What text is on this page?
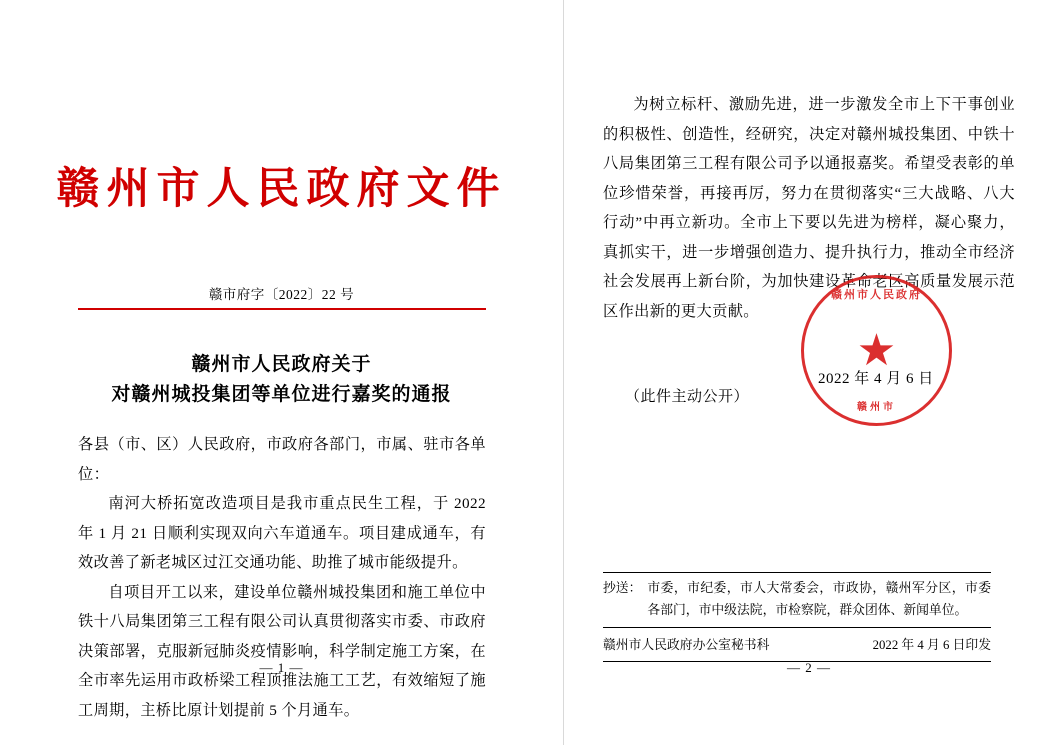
赣州市人民政府文件
赣市府字〔2022〕22 号
赣州市人民政府关于
对赣州城投集团等单位进行嘉奖的通报

各县（市、区）人民政府，市政府各部门，市属、驻市各单位：

南河大桥拓宽改造项目是我市重点民生工程，于 2022 年 1 月 21 日顺利实现双向六车道通车。项目建成通车，有效改善了新老城区过江交通功能、助推了城市能级提升。

自项目开工以来，建设单位赣州城投集团和施工单位中铁十八局集团第三工程有限公司认真贯彻落实市委、市政府决策部署，克服新冠肺炎疫情影响，科学制定施工方案，在全市率先运用市政桥梁工程顶推法施工工艺，有效缩短了施工周期，主桥比原计划提前 5 个月通车。

为树立标杆、激励先进，进一步激发全市上下干事创业的积极性、创造性，经研究，决定对赣州城投集团、中铁十八局集团第三工程有限公司予以通报嘉奖。希望受表彰的单位珍惜荣誉，再接再厉，努力在贯彻落实“三大战略、八大行动”中再立新功。全市上下要以先进为榜样，凝心聚力，真抓实干，进一步增强创造力、提升执行力，推动全市经济社会发展再上新台阶，为加快建设革命老区高质量发展示范区作出新的更大贡献。

赣州市人民政府
★
赣州市
2022 年 4 月 6 日
（此件主动公开）
抄送： 市委，市纪委，市人大常委会，市政协，赣州军分区，市委各部门，市中级法院，市检察院，群众团体、新闻单位。
赣州市人民政府办公室秘书科	2022 年 4 月 6 日印发
— 1 —	— 2 —
